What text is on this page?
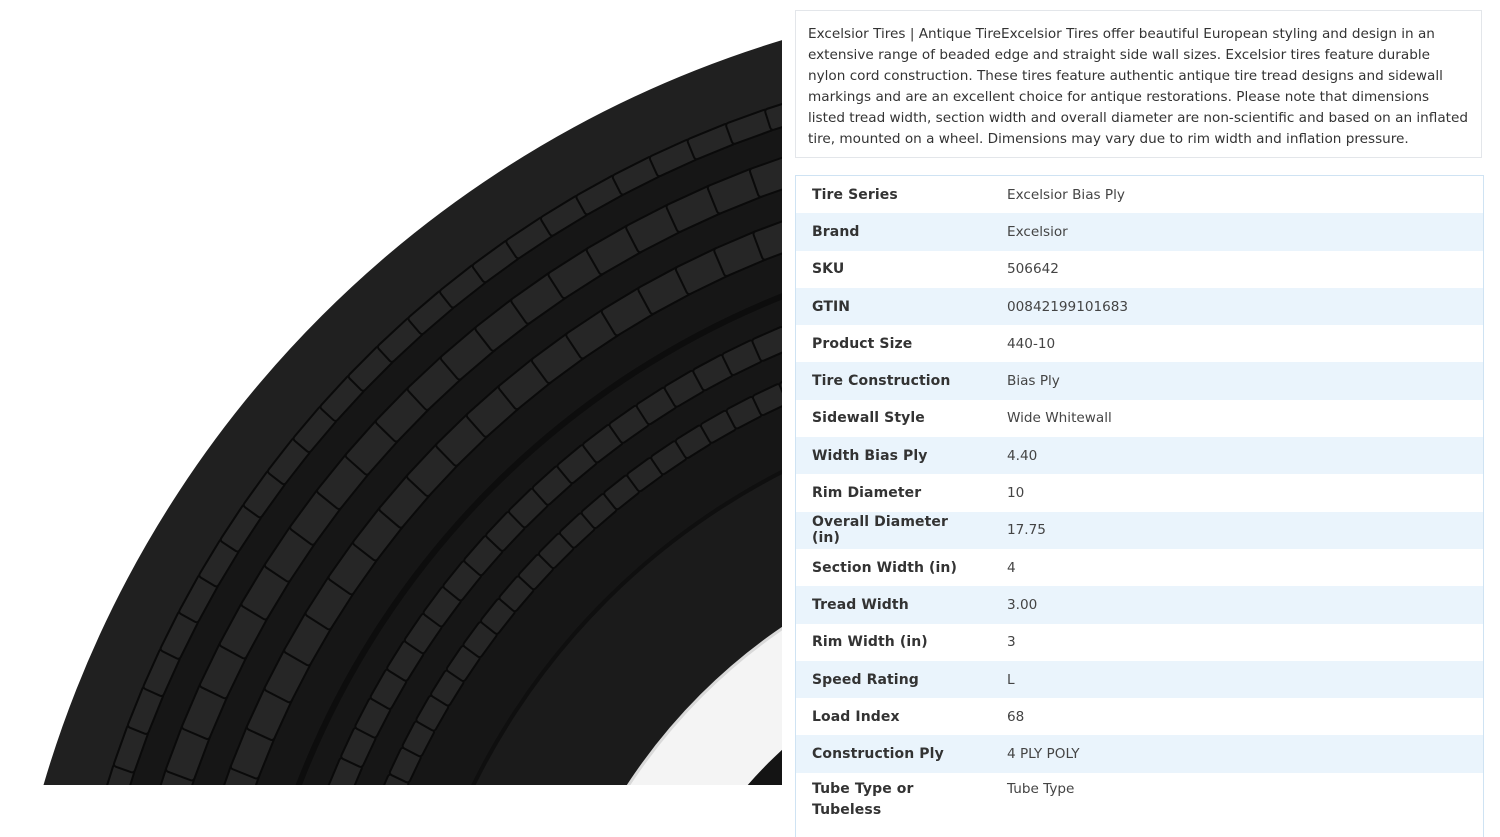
Excelsior Tires | Antique TireExcelsior Tires offer beautiful European styling and design in an extensive range of beaded edge and straight side wall sizes. Excelsior tires feature durable nylon cord construction. These tires feature authentic antique tire tread designs and sidewall markings and are an excellent choice for antique restorations. Please note that dimensions listed tread width, section width and overall diameter are non-scientific and based on an inflated tire, mounted on a wheel. Dimensions may vary due to rim width and inflation pressure.
Tire Series	Excelsior Bias Ply
Brand	Excelsior
SKU	506642
GTIN	00842199101683
Product Size	440-10
Tire Construction	Bias Ply
Sidewall Style	Wide Whitewall
Width Bias Ply	4.40
Rim Diameter	10
Overall Diameter (in)	17.75
Section Width (in)	4
Tread Width	3.00
Rim Width (in)	3
Speed Rating	L
Load Index	68
Construction Ply	4 PLY POLY
Tube Type or Tubeless	Tube Type
